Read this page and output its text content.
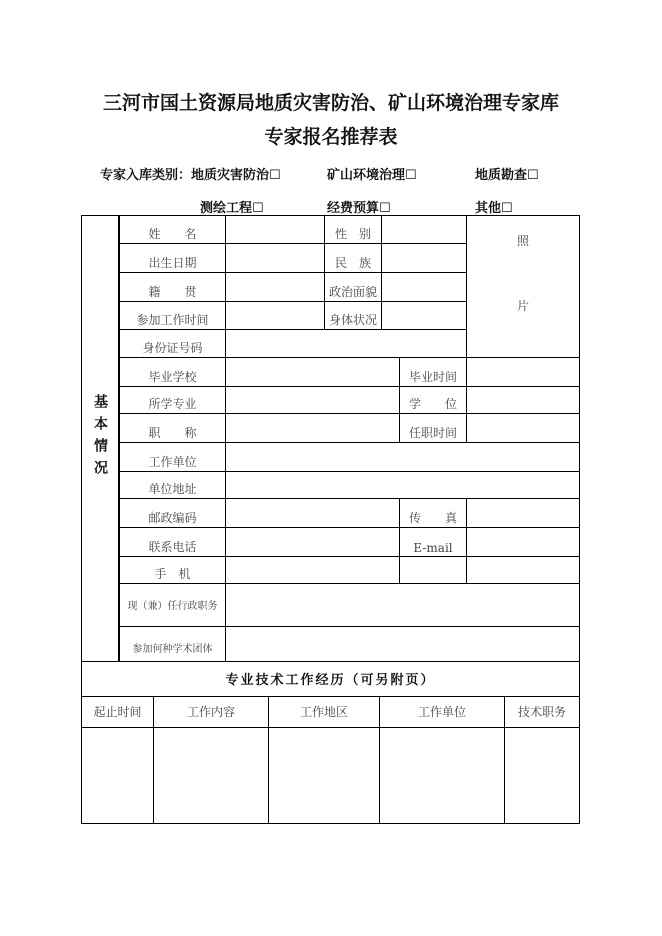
三河市国土资源局地质灾害防治、矿山环境治理专家库
专家报名推荐表
专家入库类别：地质灾害防治☐	矿山环境治理☐	地质勘查☐
测绘工程☐	经费预算☐	其他☐
基本情况
姓　　名	性　别
出生日期	民　族
籍　　贯	政治面貌
参加工作时间	身体状况
身份证号码
照
片
毕业学校	毕业时间
所学专业	学　　位
职　　称	任职时间
工作单位
单位地址
邮政编码	传　　真
联系电话	E-mail
手　机
现（兼）任行政职务
参加何种学术团体
专业技术工作经历（可另附页）
起止时间	工作内容	工作地区	工作单位	技术职务
